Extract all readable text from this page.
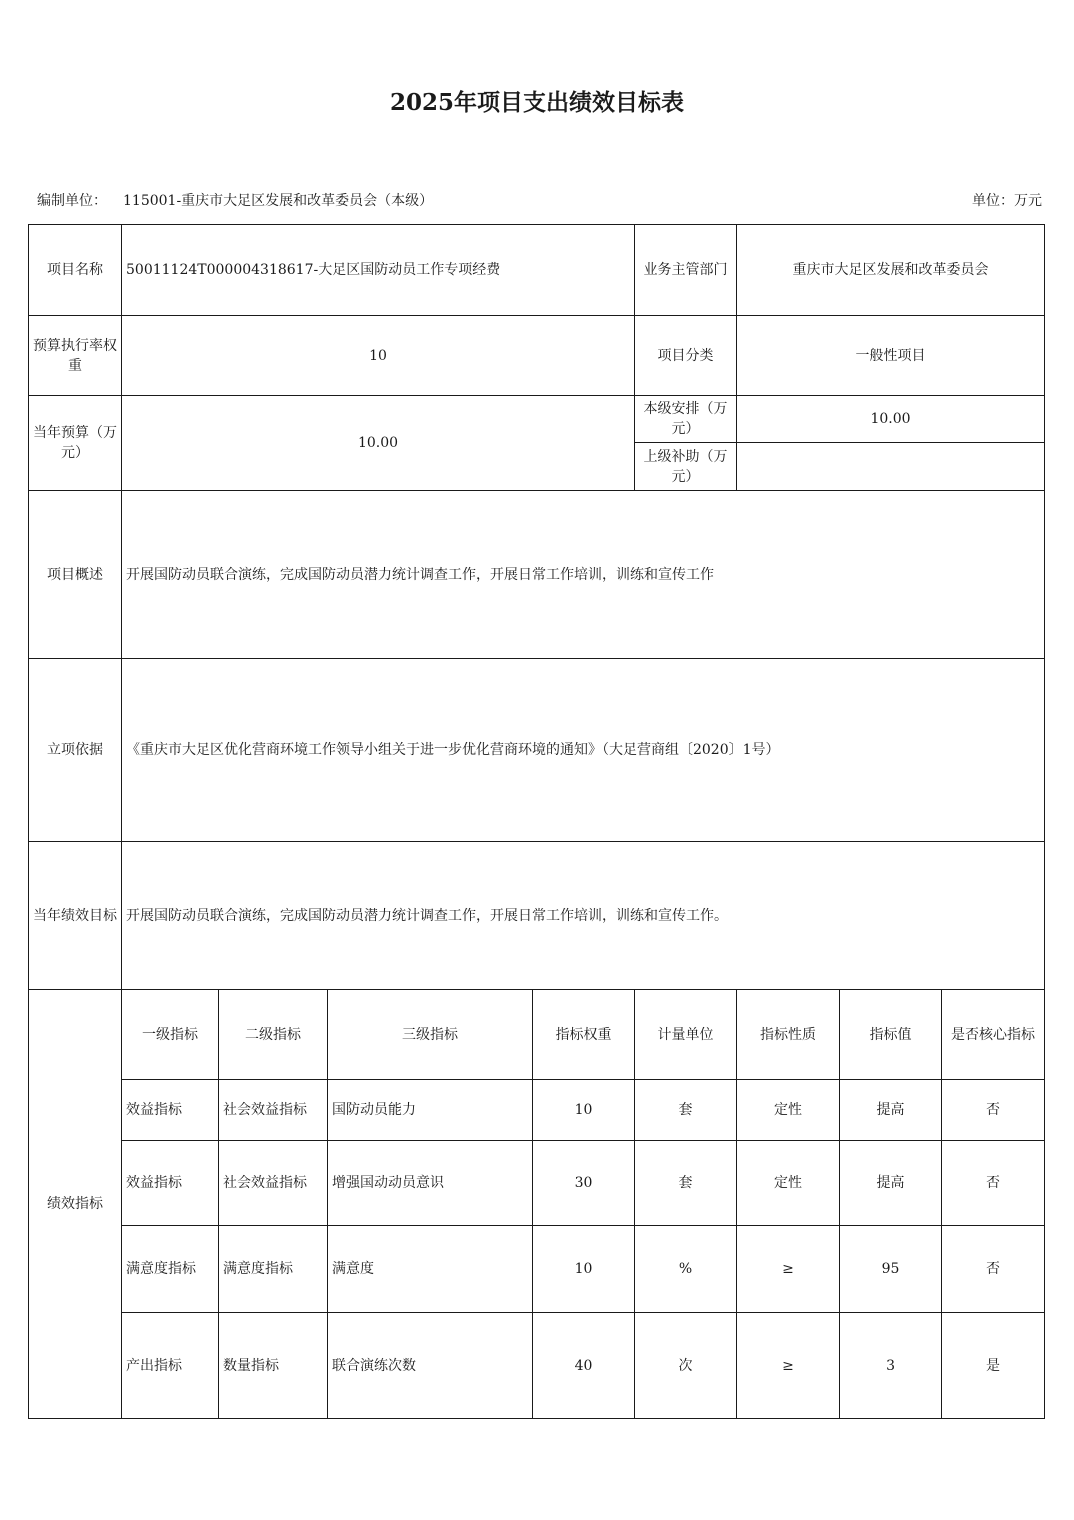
2025年项目支出绩效目标表
编制单位： 115001-重庆市大足区发展和改革委员会（本级）	单位：万元
项目名称	50011124T000004318617-大足区国防动员工作专项经费				业务主管部门	重庆市大足区发展和改革委员会		
预算执行率权重	10				项目分类	一般性项目		
当年预算（万元）	10.00				本级安排（万元）	10.00		
					上级补助（万元）			
项目概述	开展国防动员联合演练，完成国防动员潜力统计调查工作，开展日常工作培训，训练和宣传工作							
立项依据	《重庆市大足区优化营商环境工作领导小组关于进一步优化营商环境的通知》（大足营商组〔2020〕1号）							
当年绩效目标	开展国防动员联合演练，完成国防动员潜力统计调查工作，开展日常工作培训，训练和宣传工作。							
绩效指标	一级指标	二级指标	三级指标	指标权重	计量单位	指标性质	指标值	是否核心指标
	效益指标	社会效益指标	国防动员能力	10	套	定性	提高	否
	效益指标	社会效益指标	增强国动动员意识	30	套	定性	提高	否
	满意度指标	满意度指标	满意度	10	%	≥	95	否
	产出指标	数量指标	联合演练次数	40	次	≥	3	是
